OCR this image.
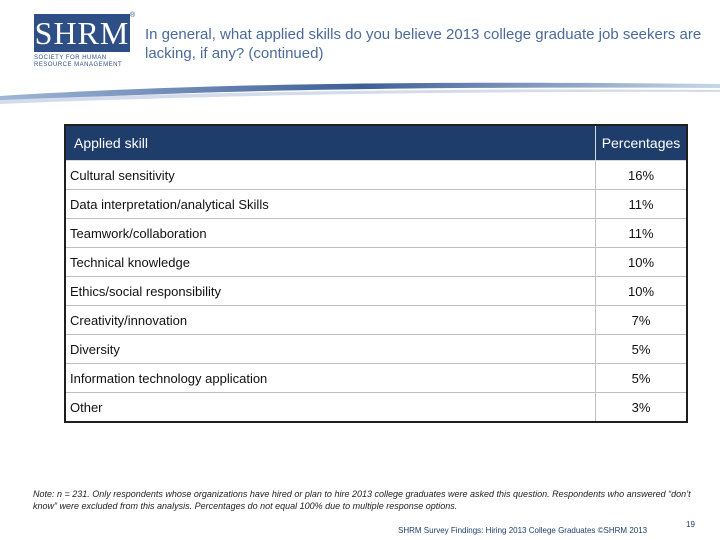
SHRM ®
SOCIETY FOR HUMAN RESOURCE MANAGEMENT
In general, what applied skills do you believe 2013 college graduate job seekers are lacking, if any? (continued)
Applied skill	Percentages
Cultural sensitivity	16%
Data interpretation/analytical Skills	11%
Teamwork/collaboration	11%
Technical knowledge	10%
Ethics/social responsibility	10%
Creativity/innovation	7%
Diversity	5%
Information technology application	5%
Other	3%
Note: n = 231. Only respondents whose organizations have hired or plan to hire 2013 college graduates were asked this question. Respondents who answered “don’t know” were excluded from this analysis. Percentages do not equal 100% due to multiple response options.
SHRM Survey Findings: Hiring 2013 College Graduates ©SHRM 2013
19
